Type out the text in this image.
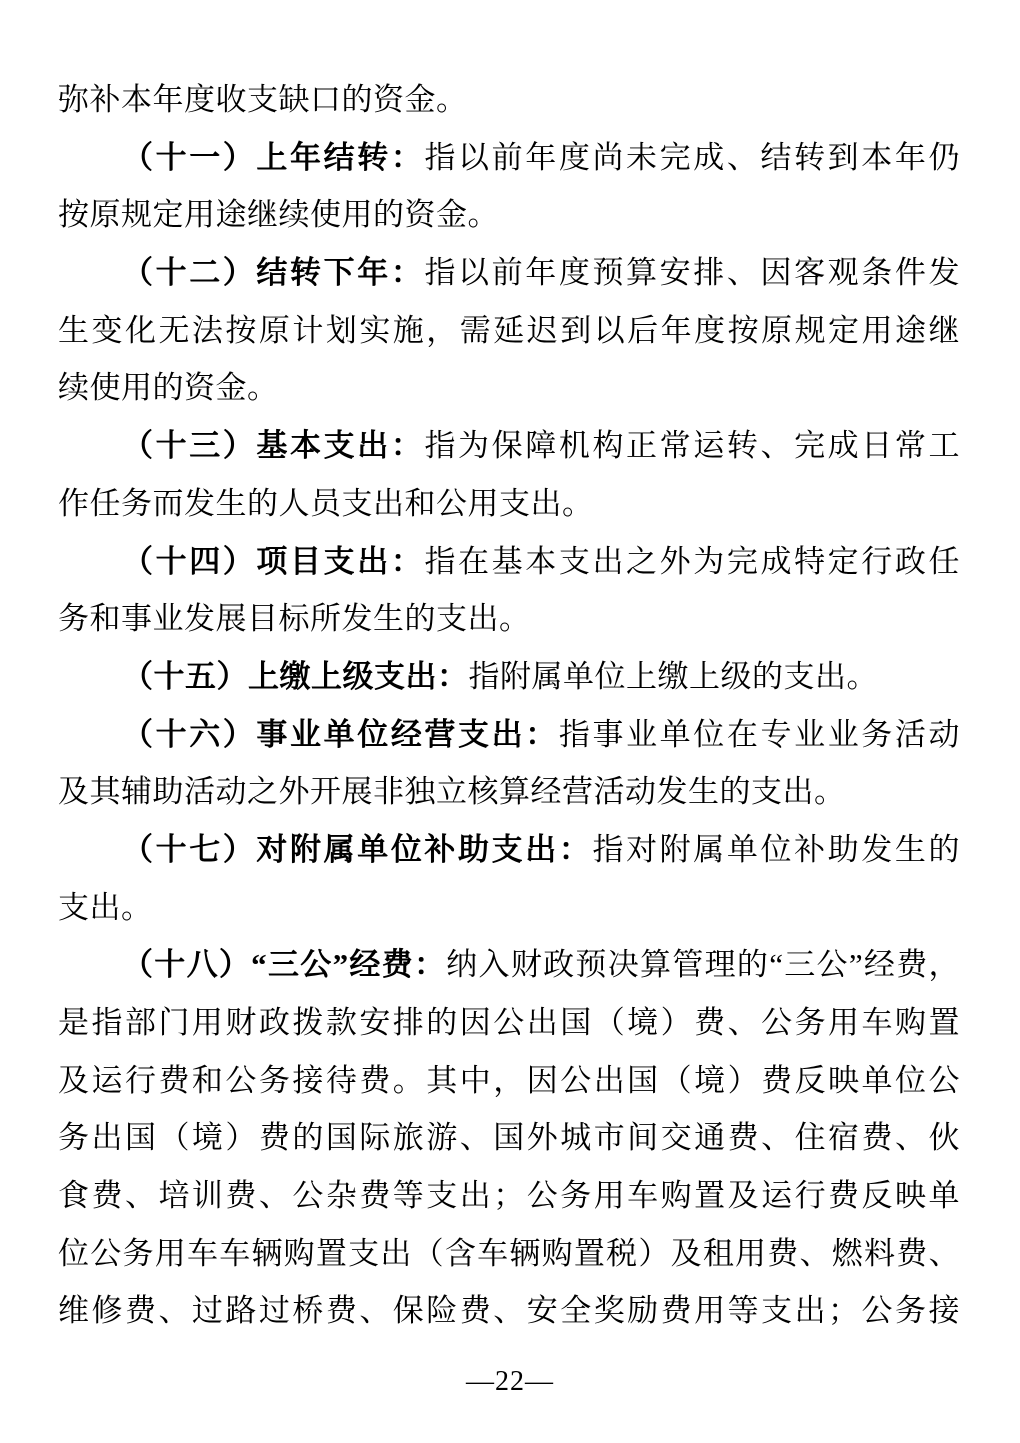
弥补本年度收支缺口的资金。
（十一）上年结转：指以前年度尚未完成、结转到本年仍
按原规定用途继续使用的资金。
（十二）结转下年：指以前年度预算安排、因客观条件发
生变化无法按原计划实施，需延迟到以后年度按原规定用途继
续使用的资金。
（十三）基本支出：指为保障机构正常运转、完成日常工
作任务而发生的人员支出和公用支出。
（十四）项目支出：指在基本支出之外为完成特定行政任
务和事业发展目标所发生的支出。
（十五）上缴上级支出：指附属单位上缴上级的支出。
（十六）事业单位经营支出：指事业单位在专业业务活动
及其辅助活动之外开展非独立核算经营活动发生的支出。
（十七）对附属单位补助支出：指对附属单位补助发生的
支出。
（十八）“三公”经费：纳入财政预决算管理的“三公”经费，
是指部门用财政拨款安排的因公出国（境）费、公务用车购置
及运行费和公务接待费。其中，因公出国（境）费反映单位公
务出国（境）费的国际旅游、国外城市间交通费、住宿费、伙
食费、培训费、公杂费等支出；公务用车购置及运行费反映单
位公务用车车辆购置支出（含车辆购置税）及租用费、燃料费、
维修费、过路过桥费、保险费、安全奖励费用等支出；公务接
—22—
